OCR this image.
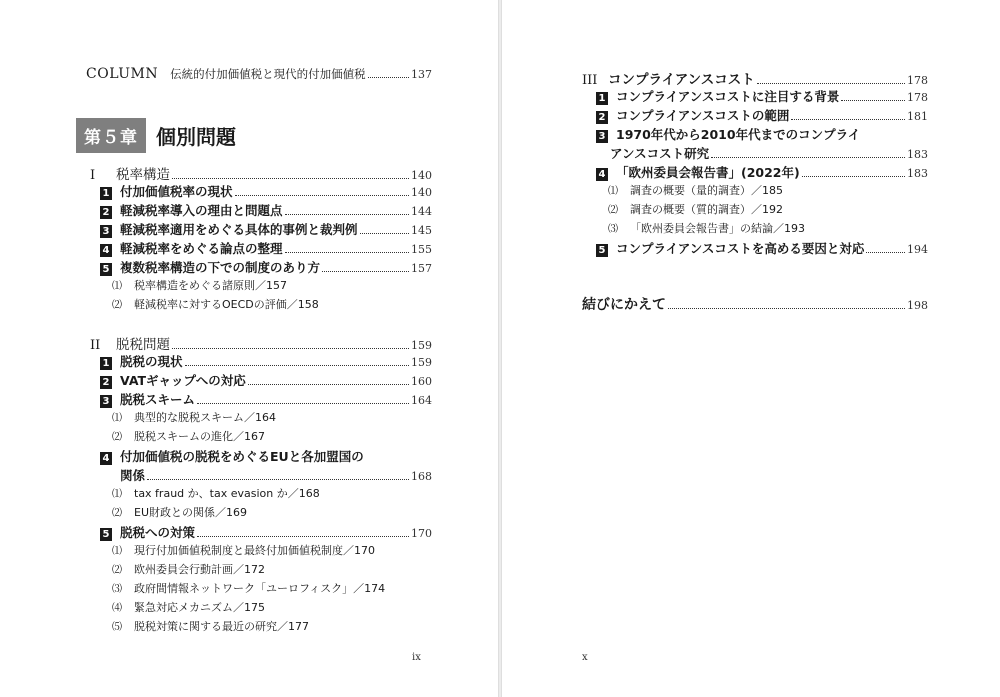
COLUMN 伝統的付加価値税と現代的付加価値税	137
第５章 個別問題
I	税率構造	140
1 付加価値税率の現状	140
2 軽減税率導入の理由と問題点	144
3 軽減税率適用をめぐる具体的事例と裁判例	145
4 軽減税率をめぐる論点の整理	155
5 複数税率構造の下での制度のあり方	157
⑴	税率構造をめぐる諸原則／157
⑵	軽減税率に対するOECDの評価／158
II	脱税問題	159
1 脱税の現状	159
2 VATギャップへの対応	160
3 脱税スキーム	164
⑴	典型的な脱税スキーム／164
⑵	脱税スキームの進化／167
4 付加価値税の脱税をめぐるEUと各加盟国の
関係	168
⑴	tax fraud か、tax evasion か／168
⑵	EU財政との関係／169
5 脱税への対策	170
⑴	現行付加価値税制度と最終付加価値税制度／170
⑵	欧州委員会行動計画／172
⑶	政府間情報ネットワーク「ユーロフィスク」／174
⑷	緊急対応メカニズム／175
⑸	脱税対策に関する最近の研究／177
ix
III コンプライアンスコスト	178
1 コンプライアンスコストに注目する背景	178
2 コンプライアンスコストの範囲	181
3 1970年代から2010年代までのコンプライ
アンスコスト研究	183
4 「欧州委員会報告書」(2022年)	183
⑴	調査の概要（量的調査）／185
⑵	調査の概要（質的調査）／192
⑶	「欧州委員会報告書」の結論／193
5 コンプライアンスコストを高める要因と対応	194
結びにかえて	198
x
